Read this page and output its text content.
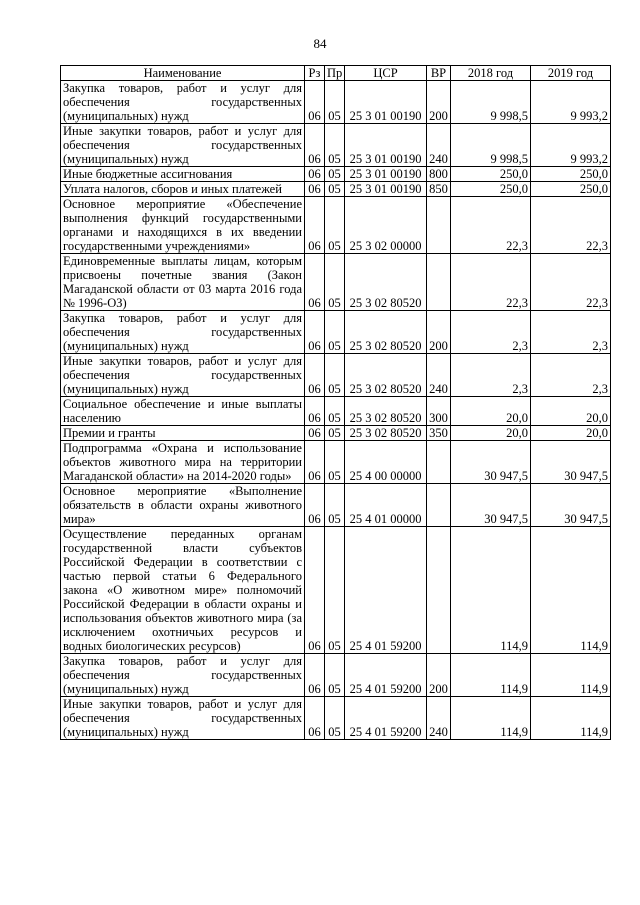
84
Наименование	Рз	Пр	ЦСР	ВР	2018 год	2019 год
Закупка товаров, работ и услуг для обеспечения государственных (муниципальных) нужд	06	05	25 3 01 00190	200	9 998,5	9 993,2
Иные закупки товаров, работ и услуг для обеспечения государственных (муниципальных) нужд	06	05	25 3 01 00190	240	9 998,5	9 993,2
Иные бюджетные ассигнования	06	05	25 3 01 00190	800	250,0	250,0
Уплата налогов, сборов и иных платежей	06	05	25 3 01 00190	850	250,0	250,0
Основное мероприятие «Обеспечение выполнения функций государственными органами и находящихся в их введении государственными учреждениями»	06	05	25 3 02 00000		22,3	22,3
Единовременные выплаты лицам, которым присвоены почетные звания (Закон Магаданской области от 03 марта 2016 года № 1996-ОЗ)	06	05	25 3 02 80520		22,3	22,3
Закупка товаров, работ и услуг для обеспечения государственных (муниципальных) нужд	06	05	25 3 02 80520	200	2,3	2,3
Иные закупки товаров, работ и услуг для обеспечения государственных (муниципальных) нужд	06	05	25 3 02 80520	240	2,3	2,3
Социальное обеспечение и иные выплаты населению	06	05	25 3 02 80520	300	20,0	20,0
Премии и гранты	06	05	25 3 02 80520	350	20,0	20,0
Подпрограмма «Охрана и использование объектов животного мира на территории Магаданской области» на 2014-2020 годы»	06	05	25 4 00 00000		30 947,5	30 947,5
Основное мероприятие «Выполнение обязательств в области охраны животного мира»	06	05	25 4 01 00000		30 947,5	30 947,5
Осуществление переданных органам государственной власти субъектов Российской Федерации в соответствии с частью первой статьи 6 Федерального закона «О животном мире» полномочий Российской Федерации в области охраны и использования объектов животного мира (за исключением охотничьих ресурсов и водных биологических ресурсов)	06	05	25 4 01 59200		114,9	114,9
Закупка товаров, работ и услуг для обеспечения государственных (муниципальных) нужд	06	05	25 4 01 59200	200	114,9	114,9
Иные закупки товаров, работ и услуг для обеспечения государственных (муниципальных) нужд	06	05	25 4 01 59200	240	114,9	114,9
